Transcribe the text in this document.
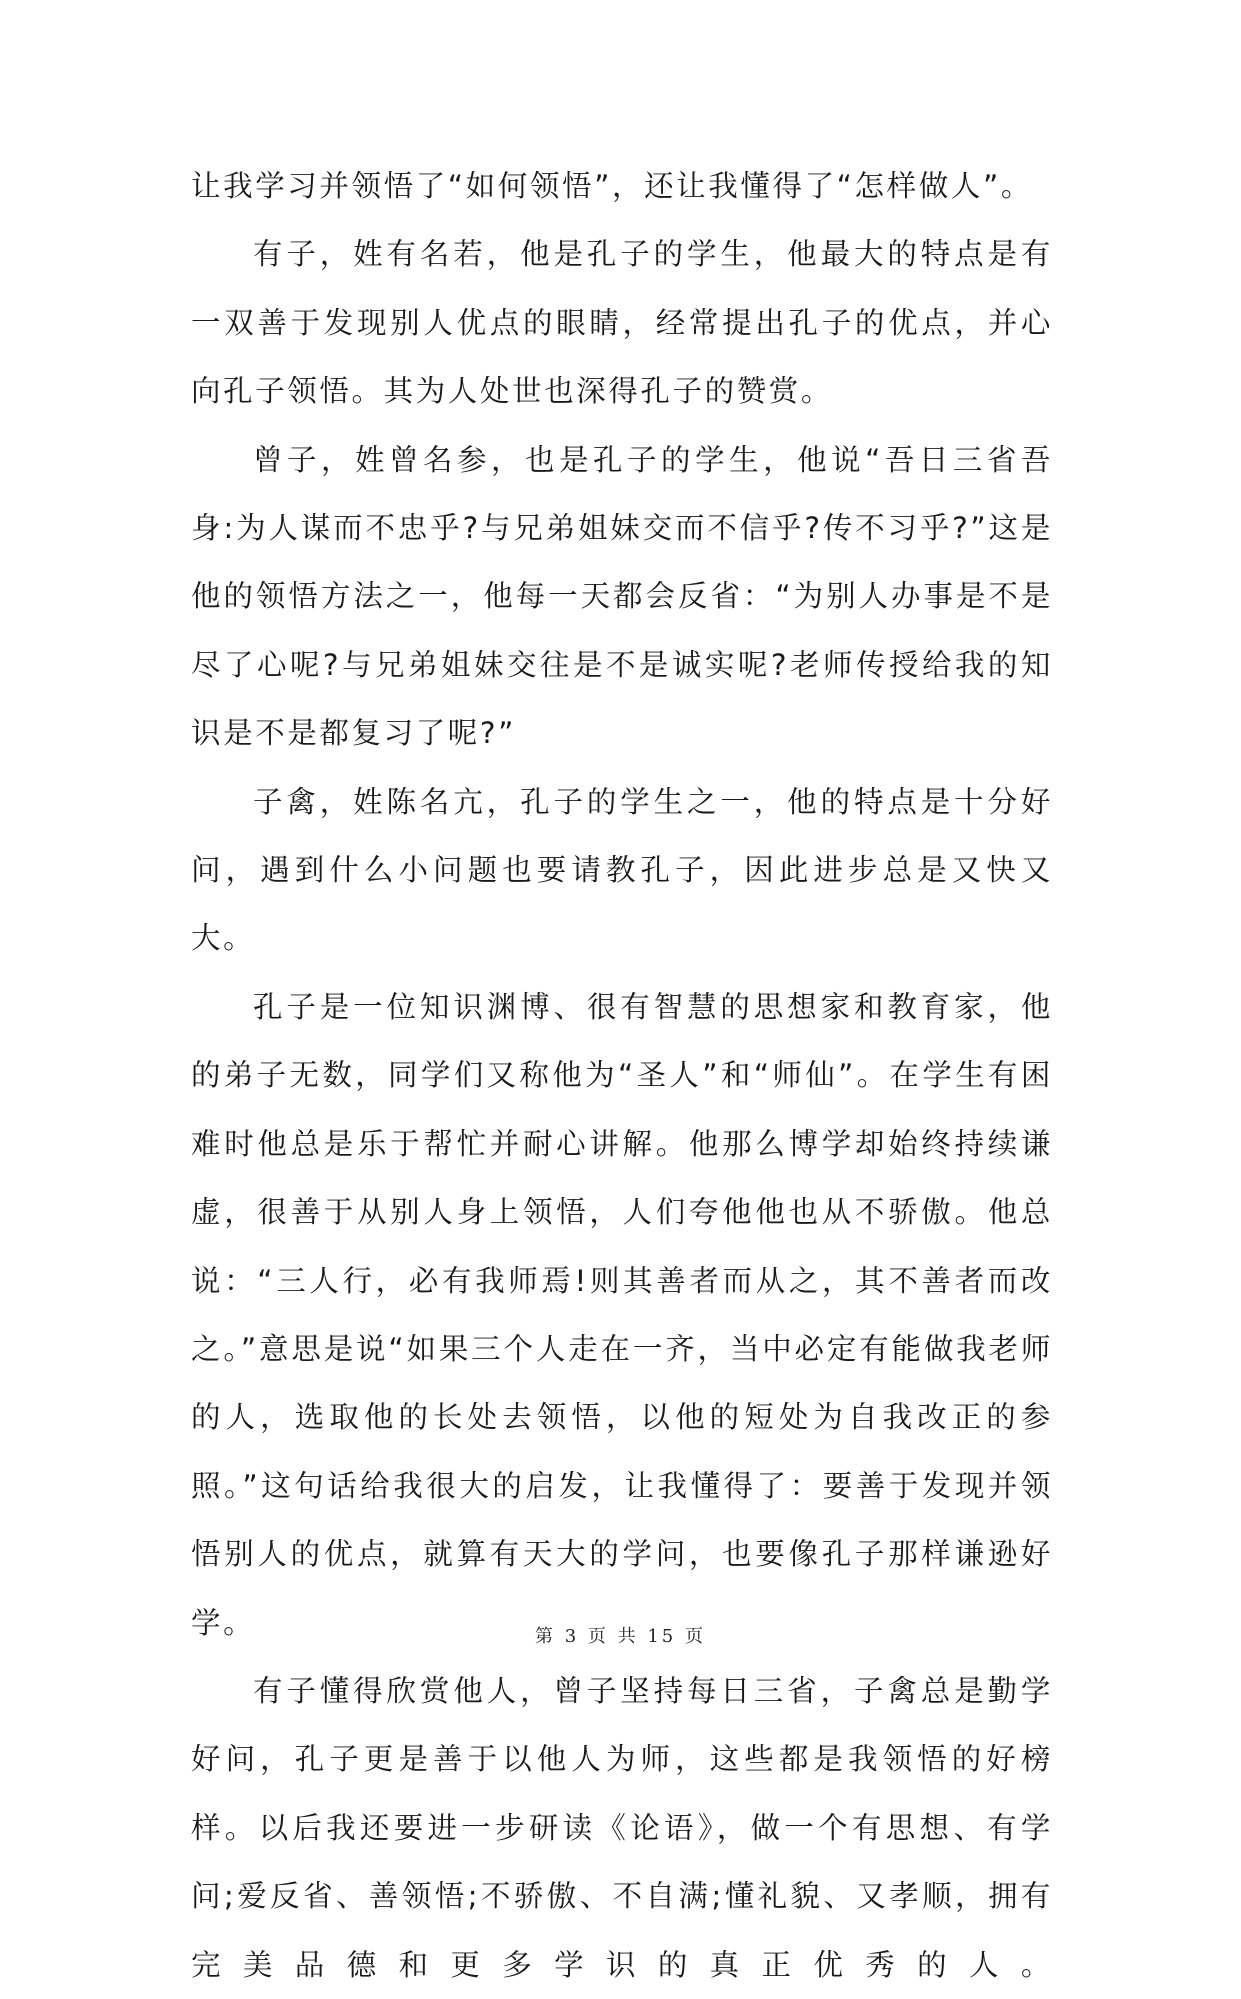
让我学习并领悟了“如何领悟”，还让我懂得了“怎样做人”。

有子，姓有名若，他是孔子的学生，他最大的特点是有一双善于发现别人优点的眼睛，经常提出孔子的优点，并心向孔子领悟。其为人处世也深得孔子的赞赏。

曾子，姓曾名参，也是孔子的学生，他说“吾日三省吾身:为人谋而不忠乎?与兄弟姐妹交而不信乎?传不习乎?”这是他的领悟方法之一，他每一天都会反省：“为别人办事是不是尽了心呢?与兄弟姐妹交往是不是诚实呢?老师传授给我的知识是不是都复习了呢?”

子禽，姓陈名亢，孔子的学生之一，他的特点是十分好问，遇到什么小问题也要请教孔子，因此进步总是又快又大。

孔子是一位知识渊博、很有智慧的思想家和教育家，他的弟子无数，同学们又称他为“圣人”和“师仙”。在学生有困难时他总是乐于帮忙并耐心讲解。他那么博学却始终持续谦虚，很善于从别人身上领悟，人们夸他他也从不骄傲。他总说：“三人行，必有我师焉!则其善者而从之，其不善者而改之。”意思是说“如果三个人走在一齐，当中必定有能做我老师的人，选取他的长处去领悟，以他的短处为自我改正的参照。”这句话给我很大的启发，让我懂得了：要善于发现并领悟别人的优点，就算有天大的学问，也要像孔子那样谦逊好学。

有子懂得欣赏他人，曾子坚持每日三省，子禽总是勤学好问，孔子更是善于以他人为师，这些都是我领悟的好榜样。以后我还要进一步研读《论语》，做一个有思想、有学问;爱反省、善领悟;不骄傲、不自满;懂礼貌、又孝顺，拥有完美品德和更多学识的真正优秀的人。

第 3 页 共 15 页
